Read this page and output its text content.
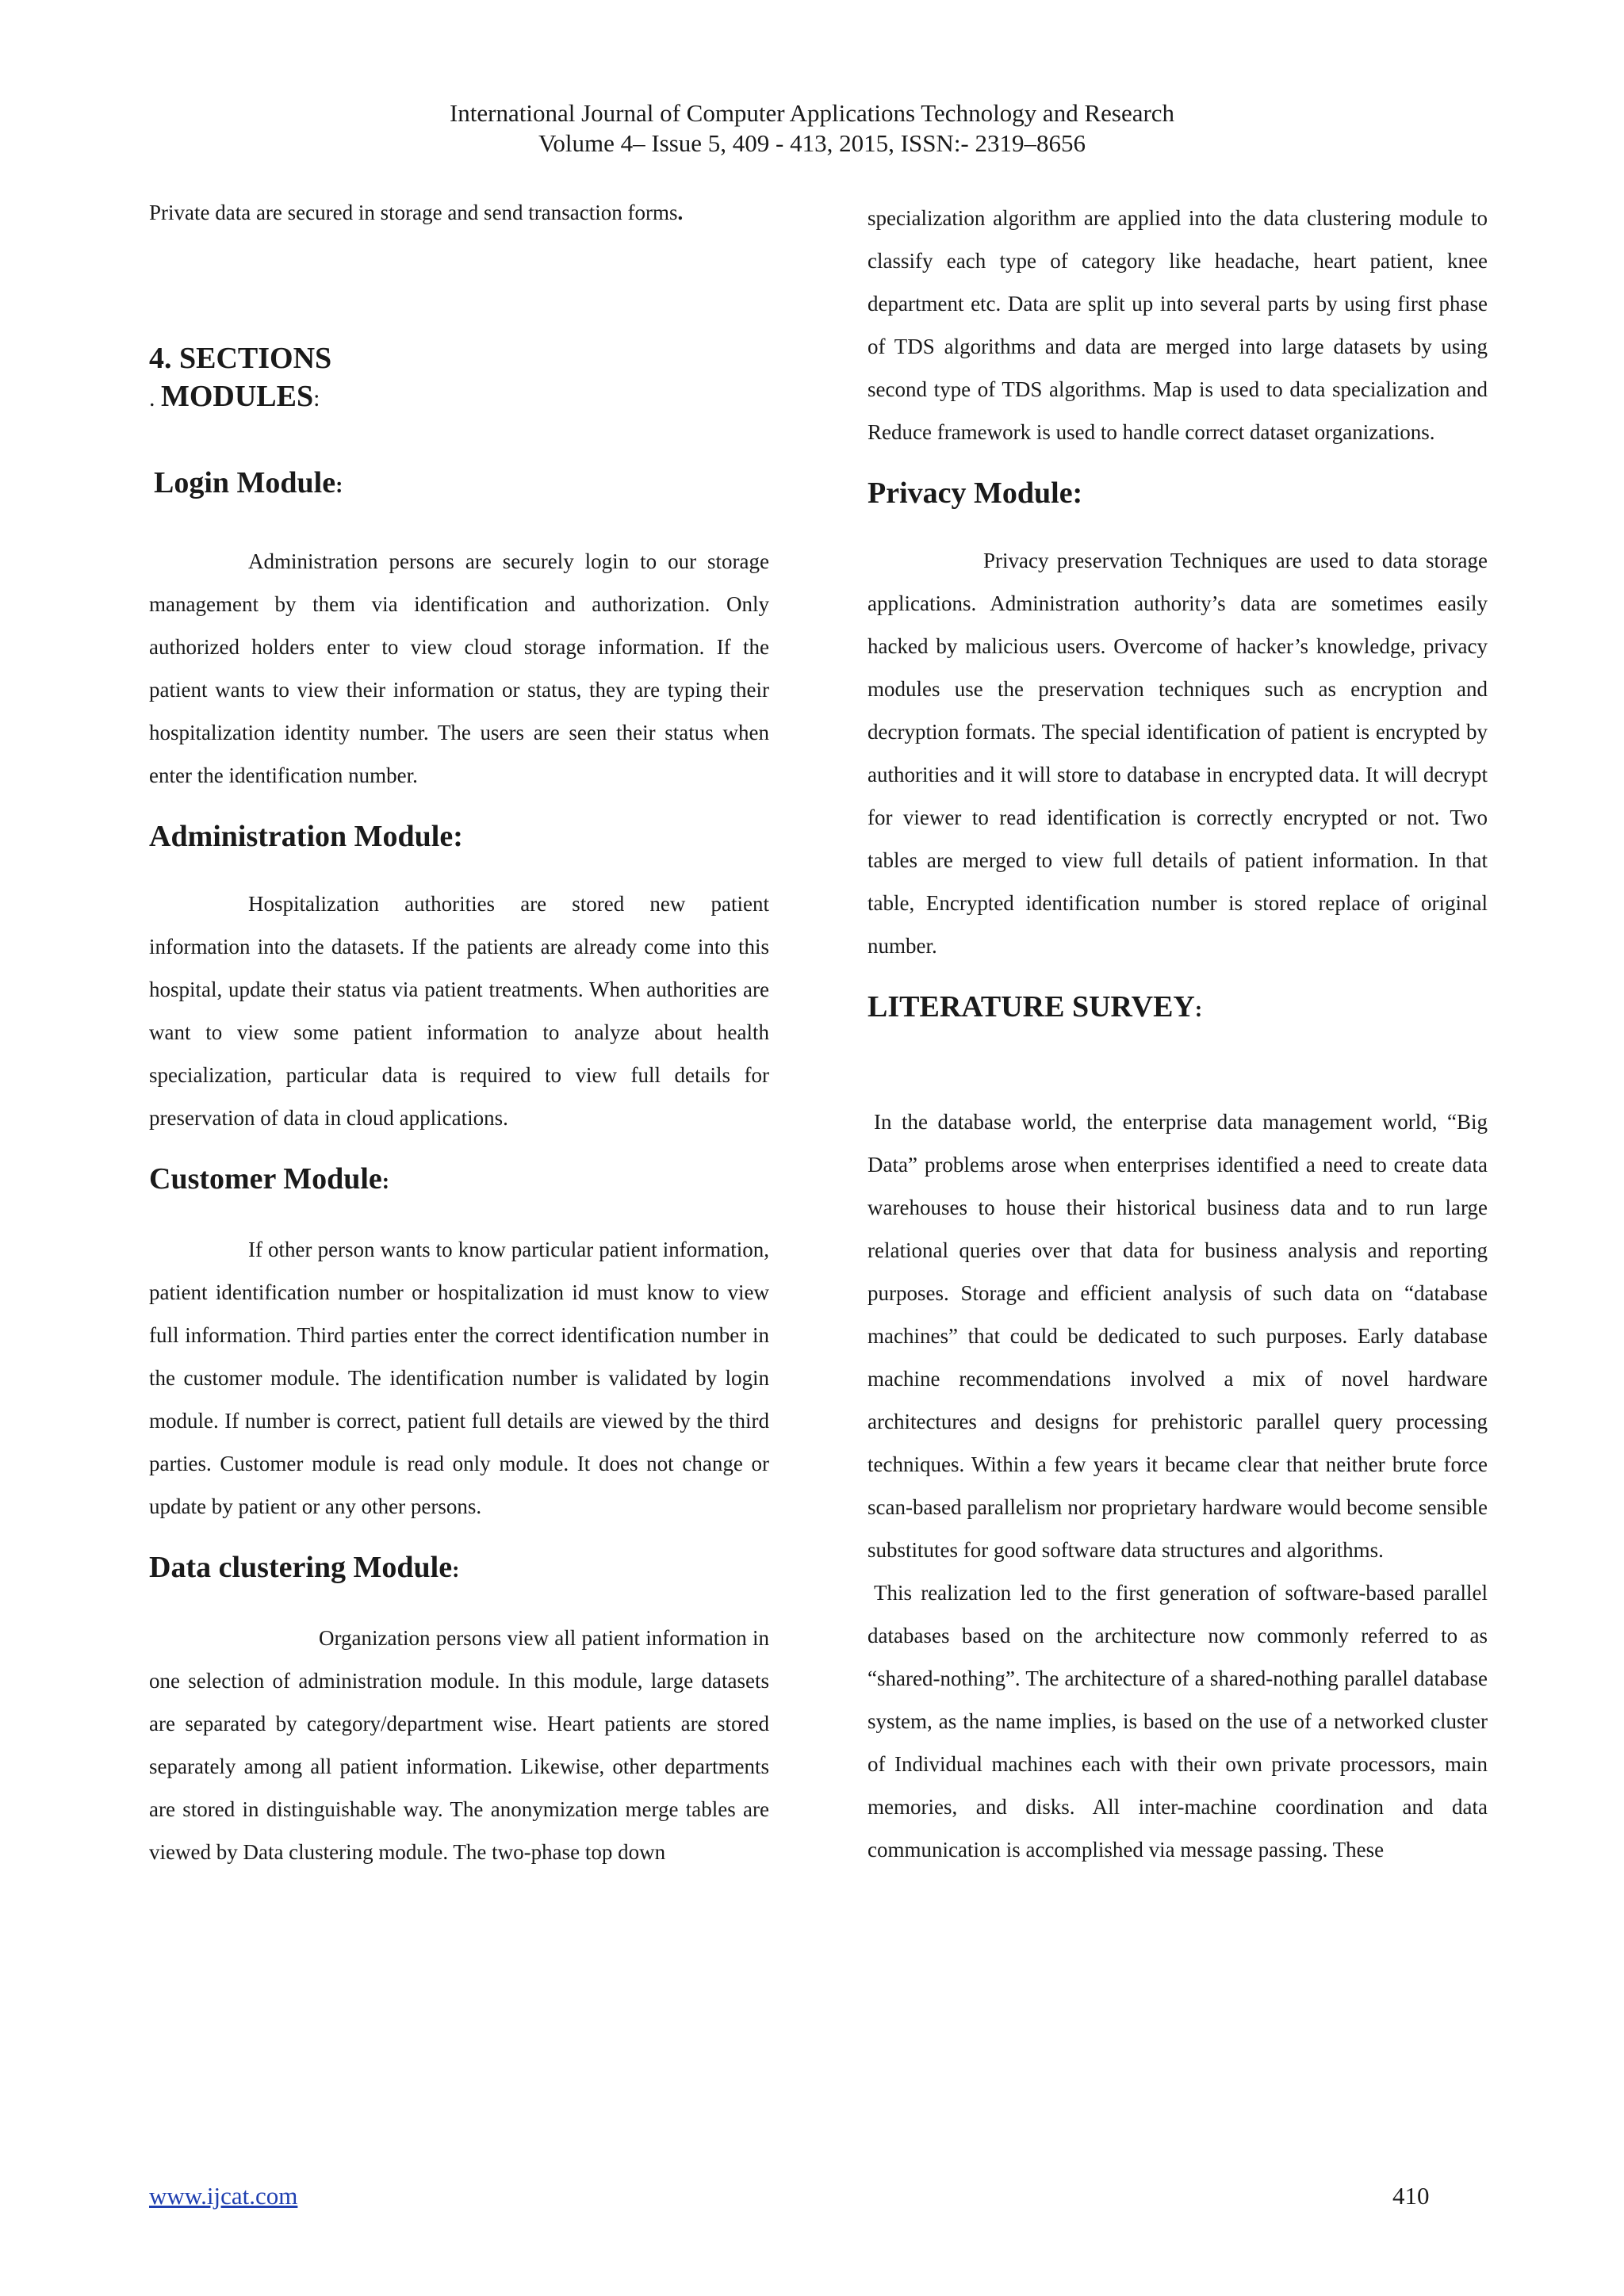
International Journal of Computer Applications Technology and Research
Volume 4– Issue 5, 409 - 413, 2015, ISSN:- 2319–8656

Private data are secured in storage and send transaction forms.

4. SECTIONS
. MODULES:
Login Module:

Administration persons are securely login to our storage management by them via identification and authorization. Only authorized holders enter to view cloud storage information. If the patient wants to view their information or status, they are typing their hospitalization identity number. The users are seen their status when enter the identification number.

Administration Module:

Hospitalization authorities are stored new patient information into the datasets. If the patients are already come into this hospital, update their status via patient treatments. When authorities are want to view some patient information to analyze about health specialization, particular data is required to view full details for preservation of data in cloud applications.

Customer Module:

If other person wants to know particular patient information, patient identification number or hospitalization id must know to view full information. Third parties enter the correct identification number in the customer module. The identification number is validated by login module. If number is correct, patient full details are viewed by the third parties. Customer module is read only module. It does not change or update by patient or any other persons.

Data clustering Module:

Organization persons view all patient information in one selection of administration module. In this module, large datasets are separated by category/department wise. Heart patients are stored separately among all patient information. Likewise, other departments are stored in distinguishable way. The anonymization merge tables are viewed by Data clustering module. The two-phase top down

specialization algorithm are applied into the data clustering module to classify each type of category like headache, heart patient, knee department etc. Data are split up into several parts by using first phase of TDS algorithms and data are merged into large datasets by using second type of TDS algorithms. Map is used to data specialization and Reduce framework is used to handle correct dataset organizations.

Privacy Module:

Privacy preservation Techniques are used to data storage applications. Administration authority’s data are sometimes easily hacked by malicious users. Overcome of hacker’s knowledge, privacy modules use the preservation techniques such as encryption and decryption formats. The special identification of patient is encrypted by authorities and it will store to database in encrypted data. It will decrypt for viewer to read identification is correctly encrypted or not. Two tables are merged to view full details of patient information. In that table, Encrypted identification number is stored replace of original number.

LITERATURE SURVEY:

In the database world, the enterprise data management world, “Big Data” problems arose when enterprises identified a need to create data warehouses to house their historical business data and to run large relational queries over that data for business analysis and reporting purposes. Storage and efficient analysis of such data on “database machines” that could be dedicated to such purposes. Early database machine recommendations involved a mix of novel hardware architectures and designs for prehistoric parallel query processing techniques. Within a few years it became clear that neither brute force scan-based parallelism nor proprietary hardware would become sensible substitutes for good software data structures and algorithms.

This realization led to the first generation of software-based parallel databases based on the architecture now commonly referred to as “shared-nothing”. The architecture of a shared-nothing parallel database system, as the name implies, is based on the use of a networked cluster of Individual machines each with their own private processors, main memories, and disks. All inter-machine coordination and data communication is accomplished via message passing. These

www.ijcat.com	410
